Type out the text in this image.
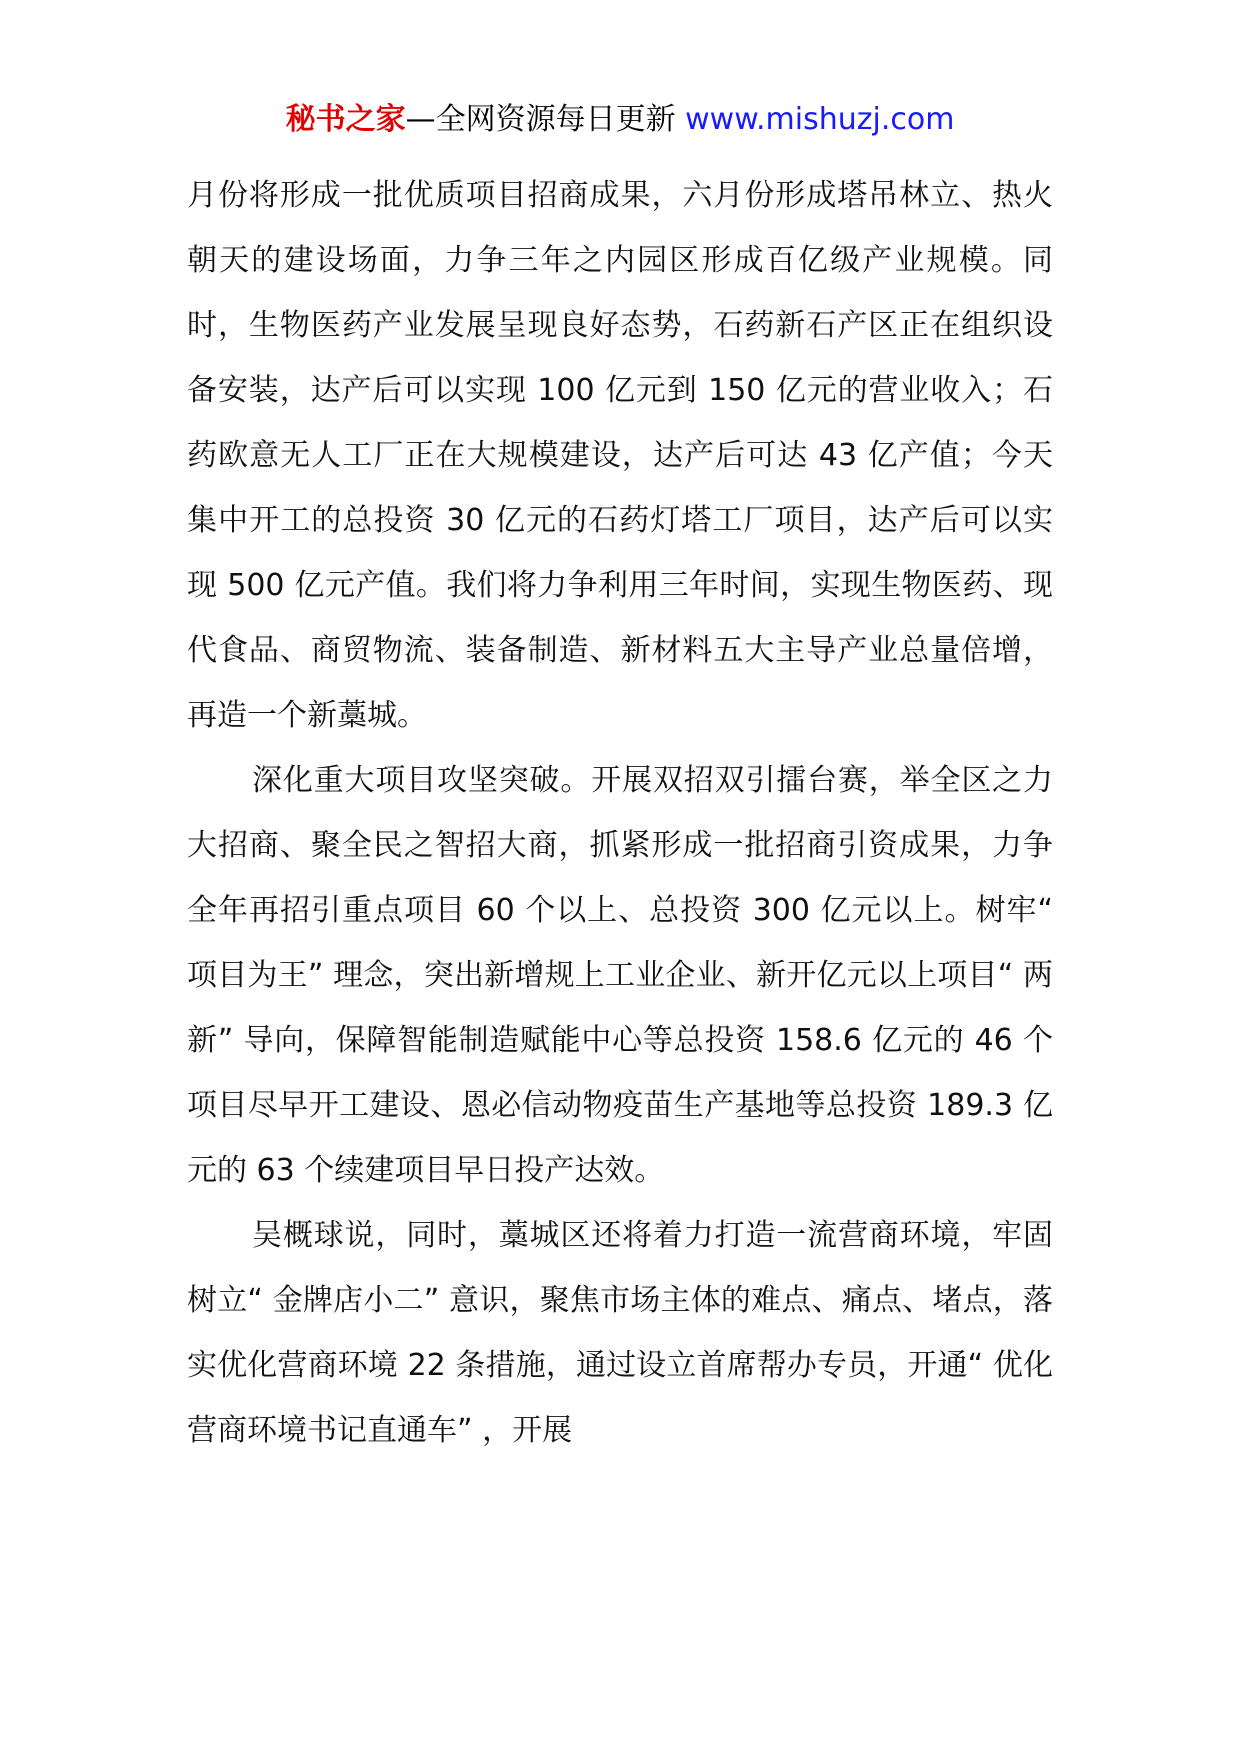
秘书之家—全网资源每日更新 www.mishuzj.com

月份将形成一批优质项目招商成果，六月份形成塔吊林立、热火朝天的建设场面，力争三年之内园区形成百亿级产业规模。同时，生物医药产业发展呈现良好态势，石药新石产区正在组织设备安装，达产后可以实现 100 亿元到 150 亿元的营业收入；石药欧意无人工厂正在大规模建设，达产后可达 43 亿产值；今天集中开工的总投资 30 亿元的石药灯塔工厂项目，达产后可以实现 500 亿元产值。我们将力争利用三年时间，实现生物医药、现代食品、商贸物流、装备制造、新材料五大主导产业总量倍增，再造一个新藁城。

深化重大项目攻坚突破。开展双招双引擂台赛，举全区之力大招商、聚全民之智招大商，抓紧形成一批招商引资成果，力争全年再招引重点项目 60 个以上、总投资 300 亿元以上。树牢“ 项目为王” 理念，突出新增规上工业企业、新开亿元以上项目“ 两新” 导向，保障智能制造赋能中心等总投资 158.6 亿元的 46 个项目尽早开工建设、恩必信动物疫苗生产基地等总投资 189.3 亿元的 63 个续建项目早日投产达效。

吴概球说，同时，藁城区还将着力打造一流营商环境，牢固树立“ 金牌店小二” 意识，聚焦市场主体的难点、痛点、堵点，落实优化营商环境 22 条措施，通过设立首席帮办专员，开通“ 优化营商环境书记直通车” ，开展
